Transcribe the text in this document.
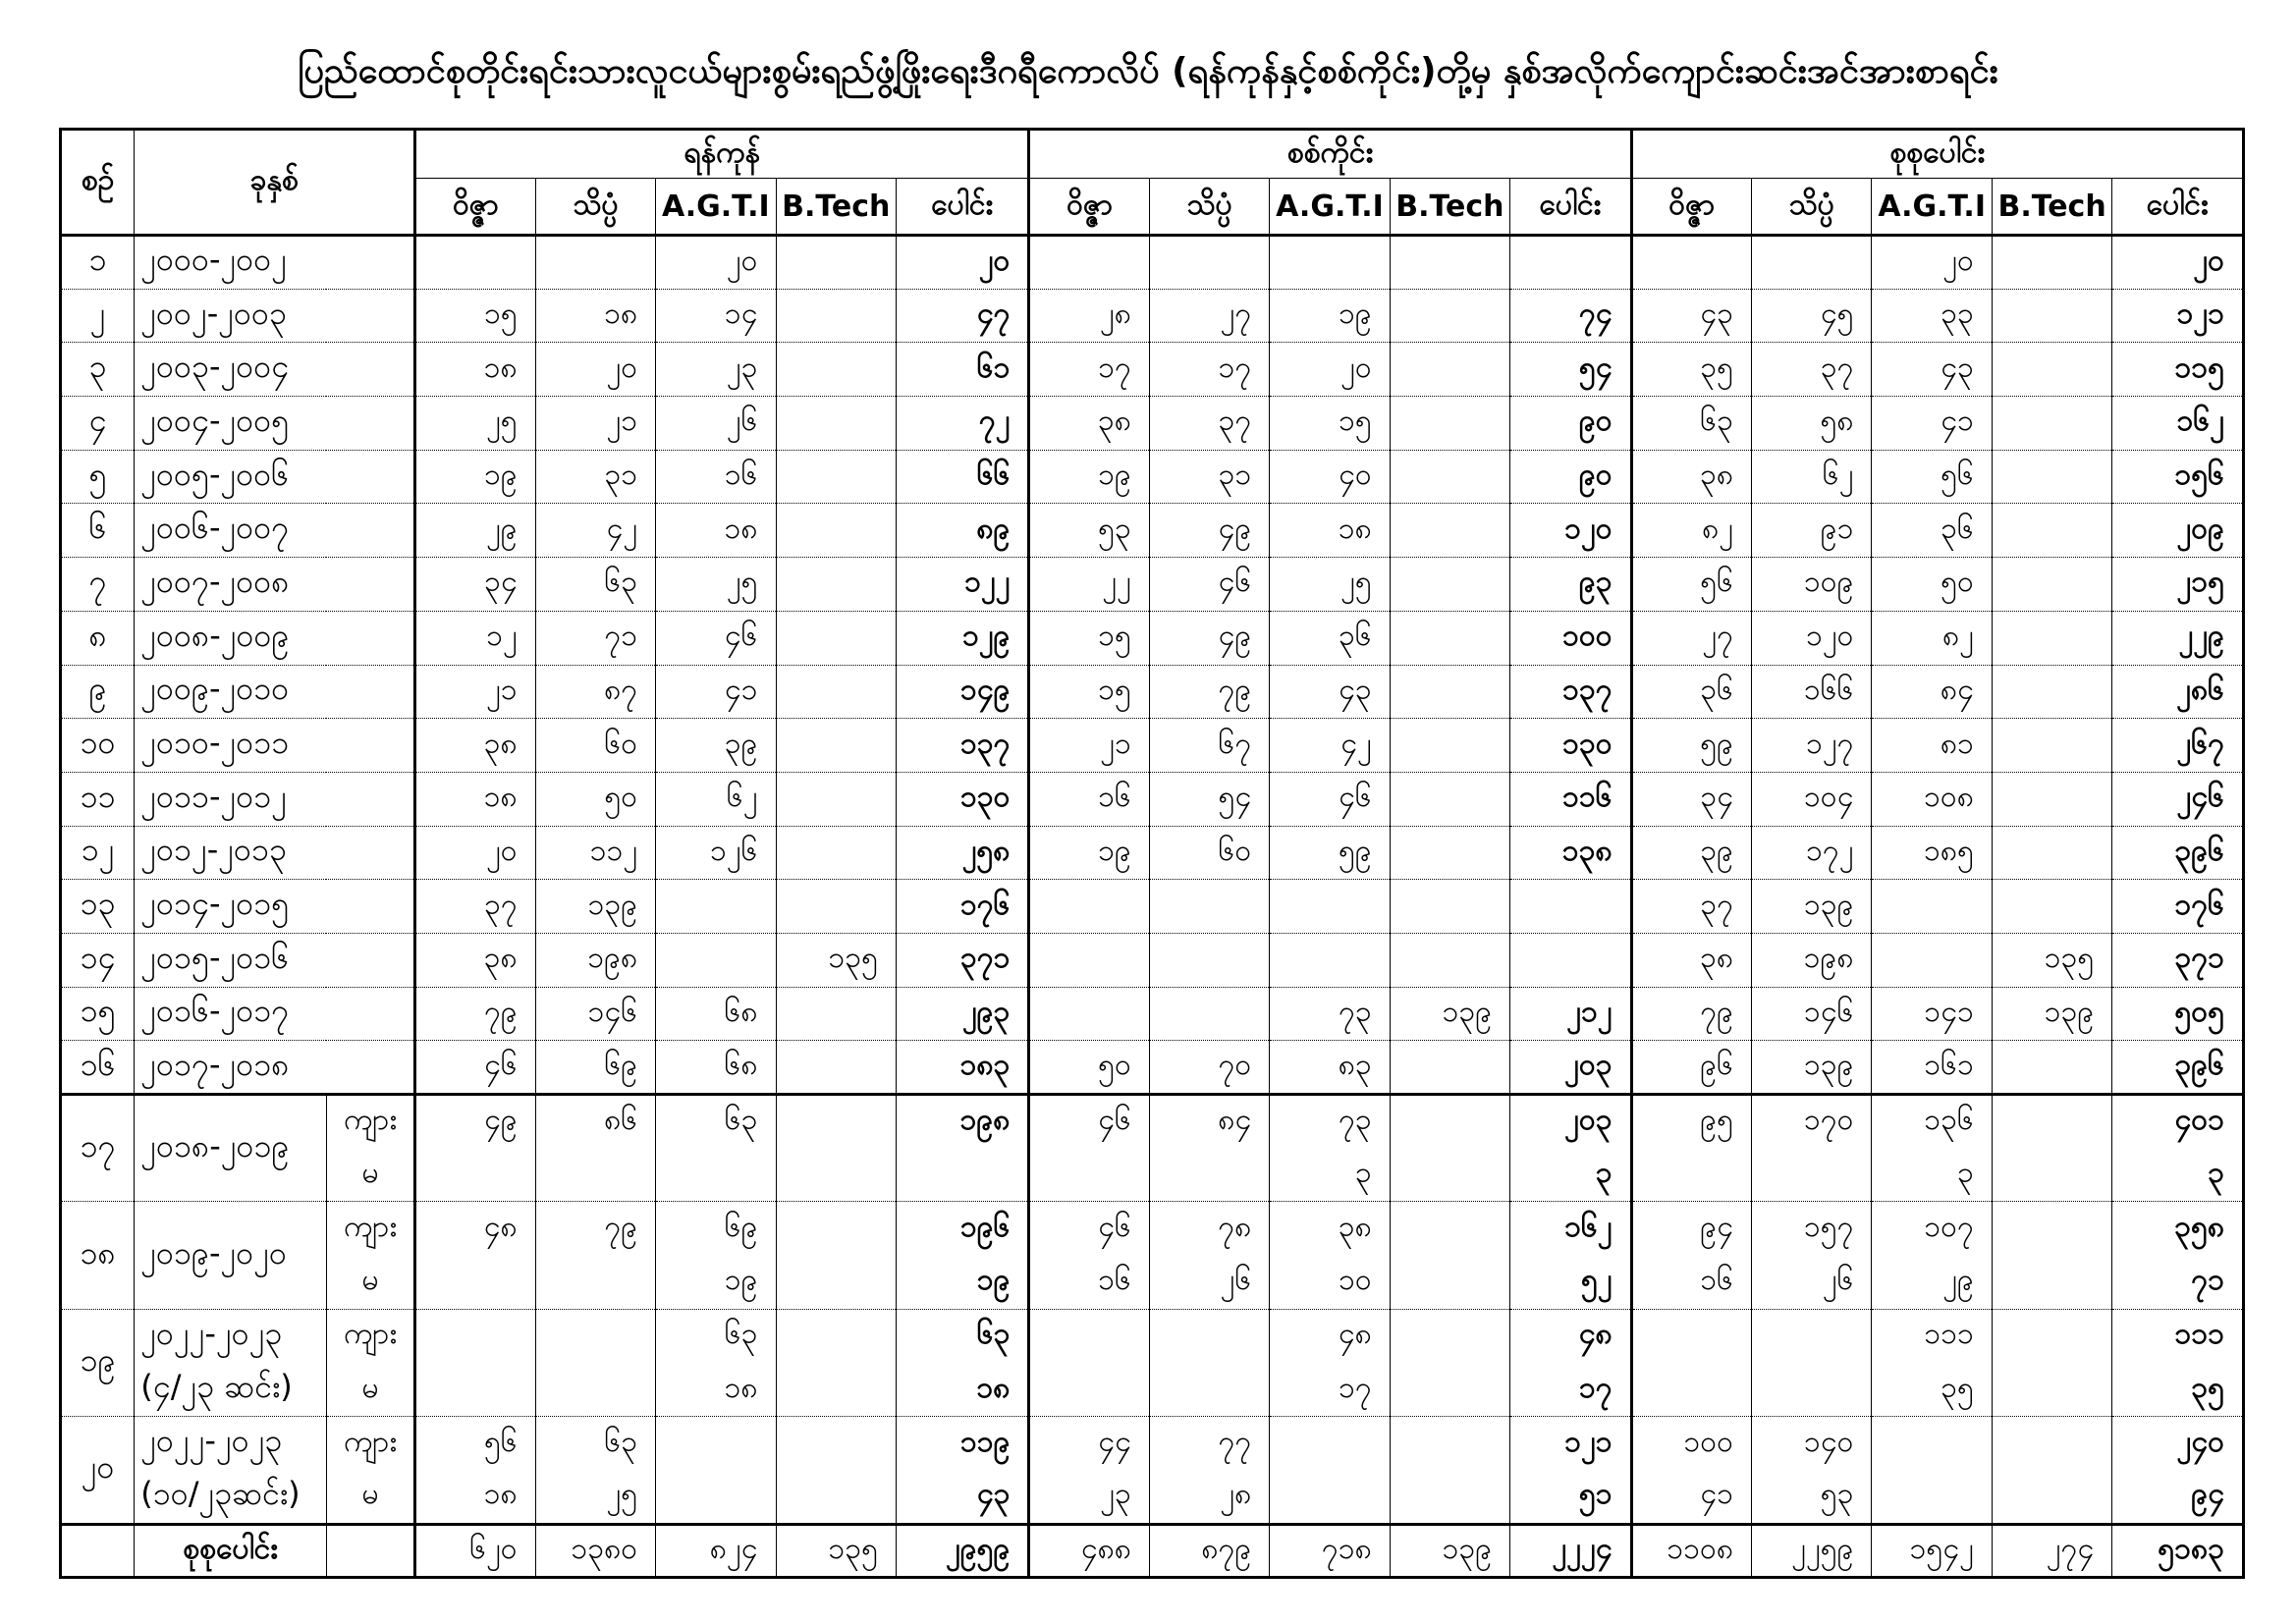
ပြည်ထောင်စုတိုင်းရင်းသားလူငယ်များစွမ်းရည်ဖွံ့ဖြိုးရေးဒီဂရီကောလိပ် (ရန်ကုန်နှင့်စစ်ကိုင်း)တို့မှ နှစ်အလိုက်ကျောင်းဆင်းအင်အားစာရင်း
စဉ်	ခုနှစ်		ရန်ကုန်					စစ်ကိုင်း					စုစုပေါင်း				
			ဝိဇ္ဇာ	သိပ္ပံ	A.G.T.I	B.Tech	ပေါင်း	ဝိဇ္ဇာ	သိပ္ပံ	A.G.T.I	B.Tech	ပေါင်း	ဝိဇ္ဇာ	သိပ္ပံ	A.G.T.I	B.Tech	ပေါင်း
၁	၂၀၀၀-၂၀၀၂				၂၀		၂၀								၂၀		၂၀
၂	၂၀၀၂-၂၀၀၃		၁၅	၁၈	၁၄		၄၇	၂၈	၂၇	၁၉		၇၄	၄၃	၄၅	၃၃		၁၂၁
၃	၂၀၀၃-၂၀၀၄		၁၈	၂၀	၂၃		၆၁	၁၇	၁၇	၂၀		၅၄	၃၅	၃၇	၄၃		၁၁၅
၄	၂၀၀၄-၂၀၀၅		၂၅	၂၁	၂၆		၇၂	၃၈	၃၇	၁၅		၉၀	၆၃	၅၈	၄၁		၁၆၂
၅	၂၀၀၅-၂၀၀၆		၁၉	၃၁	၁၆		၆၆	၁၉	၃၁	၄၀		၉၀	၃၈	၆၂	၅၆		၁၅၆
၆	၂၀၀၆-၂၀၀၇		၂၉	၄၂	၁၈		၈၉	၅၃	၄၉	၁၈		၁၂၀	၈၂	၉၁	၃၆		၂၀၉
၇	၂၀၀၇-၂၀၀၈		၃၄	၆၃	၂၅		၁၂၂	၂၂	၄၆	၂၅		၉၃	၅၆	၁၀၉	၅၀		၂၁၅
၈	၂၀၀၈-၂၀၀၉		၁၂	၇၁	၄၆		၁၂၉	၁၅	၄၉	၃၆		၁၀၀	၂၇	၁၂၀	၈၂		၂၂၉
၉	၂၀၀၉-၂၀၁၀		၂၁	၈၇	၄၁		၁၄၉	၁၅	၇၉	၄၃		၁၃၇	၃၆	၁၆၆	၈၄		၂၈၆
၁၀	၂၀၁၀-၂၀၁၁		၃၈	၆၀	၃၉		၁၃၇	၂၁	၆၇	၄၂		၁၃၀	၅၉	၁၂၇	၈၁		၂၆၇
၁၁	၂၀၁၁-၂၀၁၂		၁၈	၅၀	၆၂		၁၃၀	၁၆	၅၄	၄၆		၁၁၆	၃၄	၁၀၄	၁၀၈		၂၄၆
၁၂	၂၀၁၂-၂၀၁၃		၂၀	၁၁၂	၁၂၆		၂၅၈	၁၉	၆၀	၅၉		၁၃၈	၃၉	၁၇၂	၁၈၅		၃၉၆
၁၃	၂၀၁၄-၂၀၁၅		၃၇	၁၃၉			၁၇၆						၃၇	၁၃၉			၁၇၆
၁၄	၂၀၁၅-၂၀၁၆		၃၈	၁၉၈		၁၃၅	၃၇၁						၃၈	၁၉၈		၁၃၅	၃၇၁
၁၅	၂၀၁၆-၂၀၁၇		၇၉	၁၄၆	၆၈		၂၉၃			၇၃	၁၃၉	၂၁၂	၇၉	၁၄၆	၁၄၁	၁၃၉	၅၀၅
၁၆	၂၀၁၇-၂၀၁၈		၄၆	၆၉	၆၈		၁၈၃	၅၀	၇၀	၈၃		၂၀၃	၉၆	၁၃၉	၁၆၁		၃၉၆
၁၇	၂၀၁၈-၂၀၁၉	ကျား	၄၉	၈၆	၆၃		၁၉၈	၄၆	၈၄	၇၃		၂၀၃	၉၅	၁၇၀	၁၃၆		၄၀၁
		မ								၃		၃			၃		၃
၁၈	၂၀၁၉-၂၀၂၀	ကျား	၄၈	၇၉	၆၉		၁၉၆	၄၆	၇၈	၃၈		၁၆၂	၉၄	၁၅၇	၁၀၇		၃၅၈
		မ			၁၉		၁၉	၁၆	၂၆	၁၀		၅၂	၁၆	၂၆	၂၉		၇၁
၁၉	၂၀၂၂-၂၀၂၃	ကျား			၆၃		၆၃			၄၈		၄၈			၁၁၁		၁၁၁
	(၄/၂၃ ဆင်း)	မ			၁၈		၁၈			၁၇		၁၇			၃၅		၃၅
၂၀	၂၀၂၂-၂၀၂၃	ကျား	၅၆	၆၃			၁၁၉	၄၄	၇၇			၁၂၁	၁၀၀	၁၄၀			၂၄၀
	(၁၀/၂၃ဆင်း)	မ	၁၈	၂၅			၄၃	၂၃	၂၈			၅၁	၄၁	၅၃			၉၄
	စုစုပေါင်း		၆၂၀	၁၃၈၀	၈၂၄	၁၃၅	၂၉၅၉	၄၈၈	၈၇၉	၇၁၈	၁၃၉	၂၂၂၄	၁၁၀၈	၂၂၅၉	၁၅၄၂	၂၇၄	၅၁၈၃
